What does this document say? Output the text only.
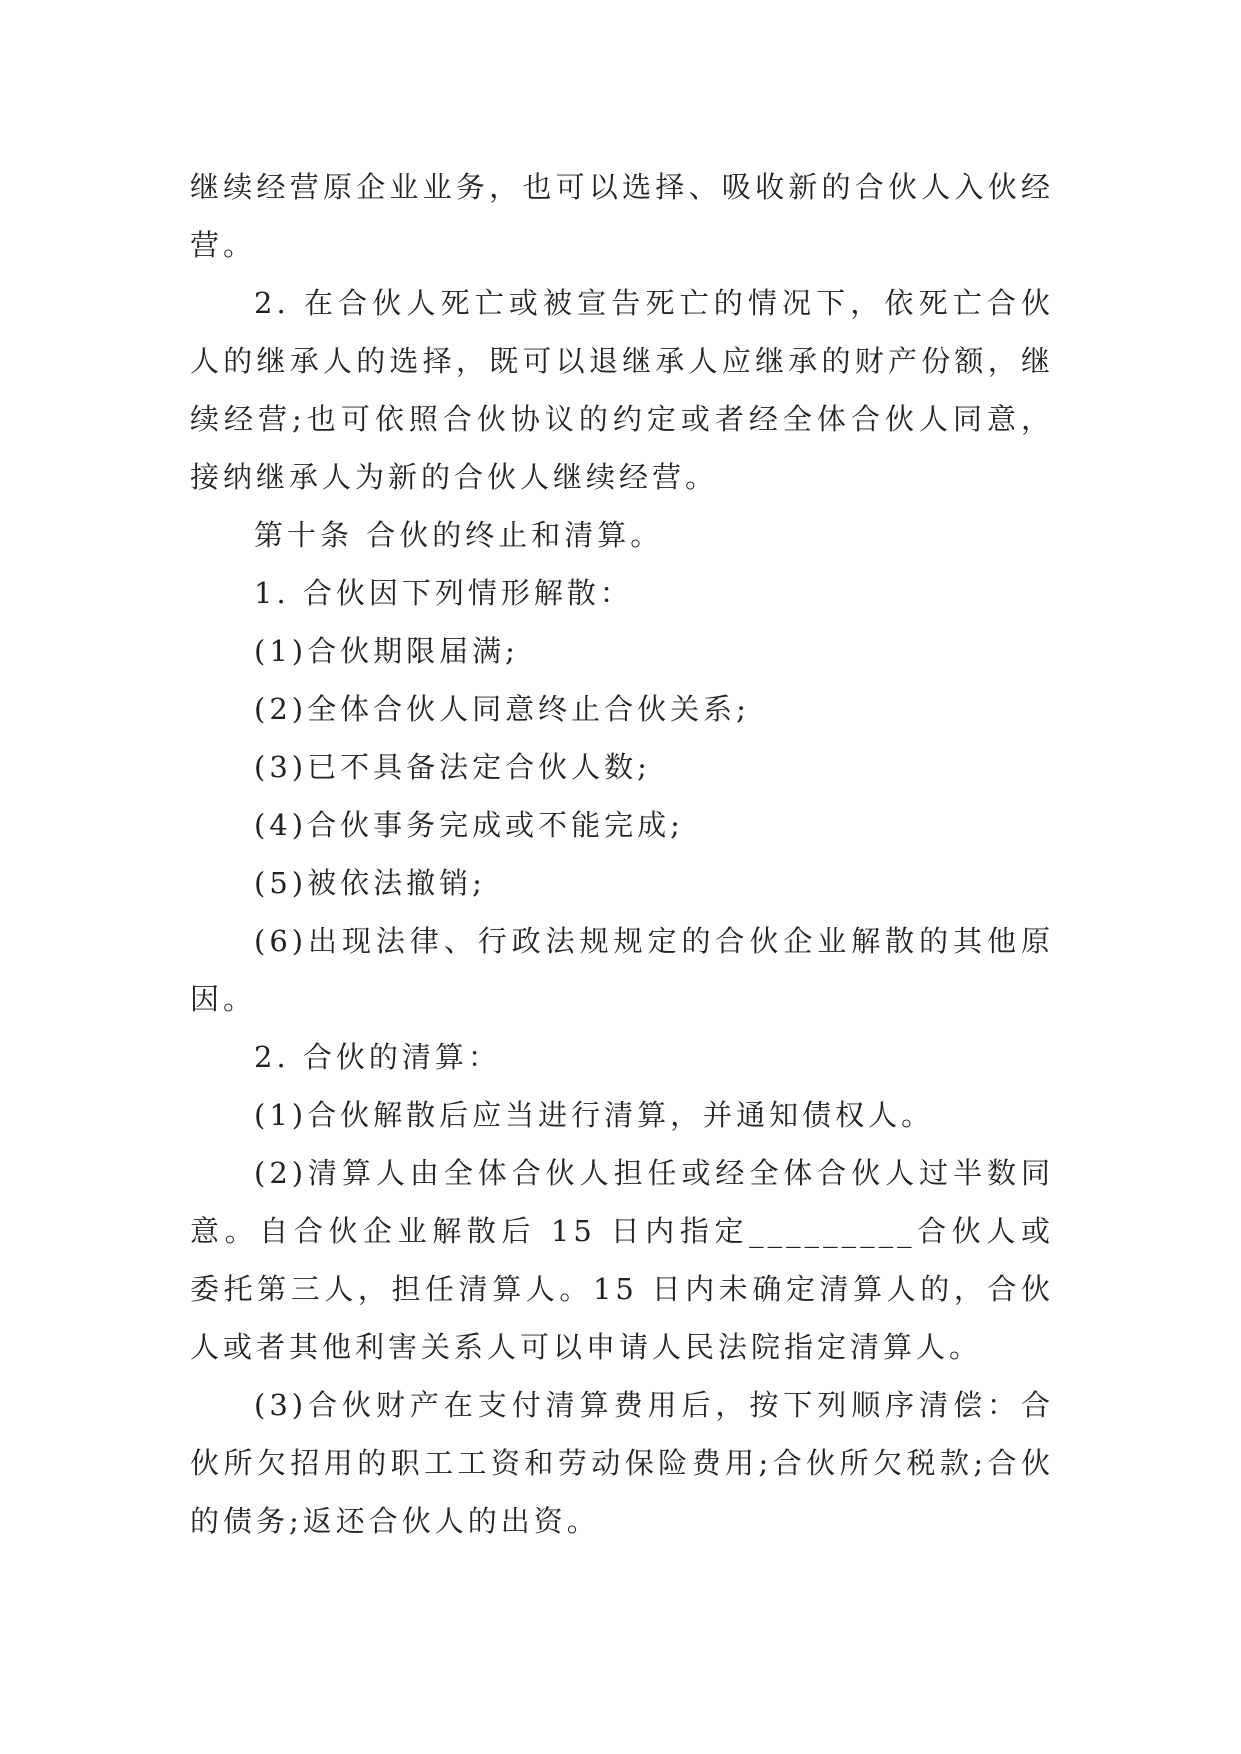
继续经营原企业业务，也可以选择、吸收新的合伙人入伙经营。

2. 在合伙人死亡或被宣告死亡的情况下，依死亡合伙人的继承人的选择，既可以退继承人应继承的财产份额，继续经营;也可依照合伙协议的约定或者经全体合伙人同意，接纳继承人为新的合伙人继续经营。

第十条 合伙的终止和清算。

1. 合伙因下列情形解散：

(1)合伙期限届满;

(2)全体合伙人同意终止合伙关系;

(3)已不具备法定合伙人数;

(4)合伙事务完成或不能完成;

(5)被依法撤销;

(6)出现法律、行政法规规定的合伙企业解散的其他原因。

2. 合伙的清算：

(1)合伙解散后应当进行清算，并通知债权人。

(2)清算人由全体合伙人担任或经全体合伙人过半数同意。自合伙企业解散后 15 日内指定_________合伙人或委托第三人，担任清算人。15 日内未确定清算人的，合伙人或者其他利害关系人可以申请人民法院指定清算人。

(3)合伙财产在支付清算费用后，按下列顺序清偿：合伙所欠招用的职工工资和劳动保险费用;合伙所欠税款;合伙的债务;返还合伙人的出资。
